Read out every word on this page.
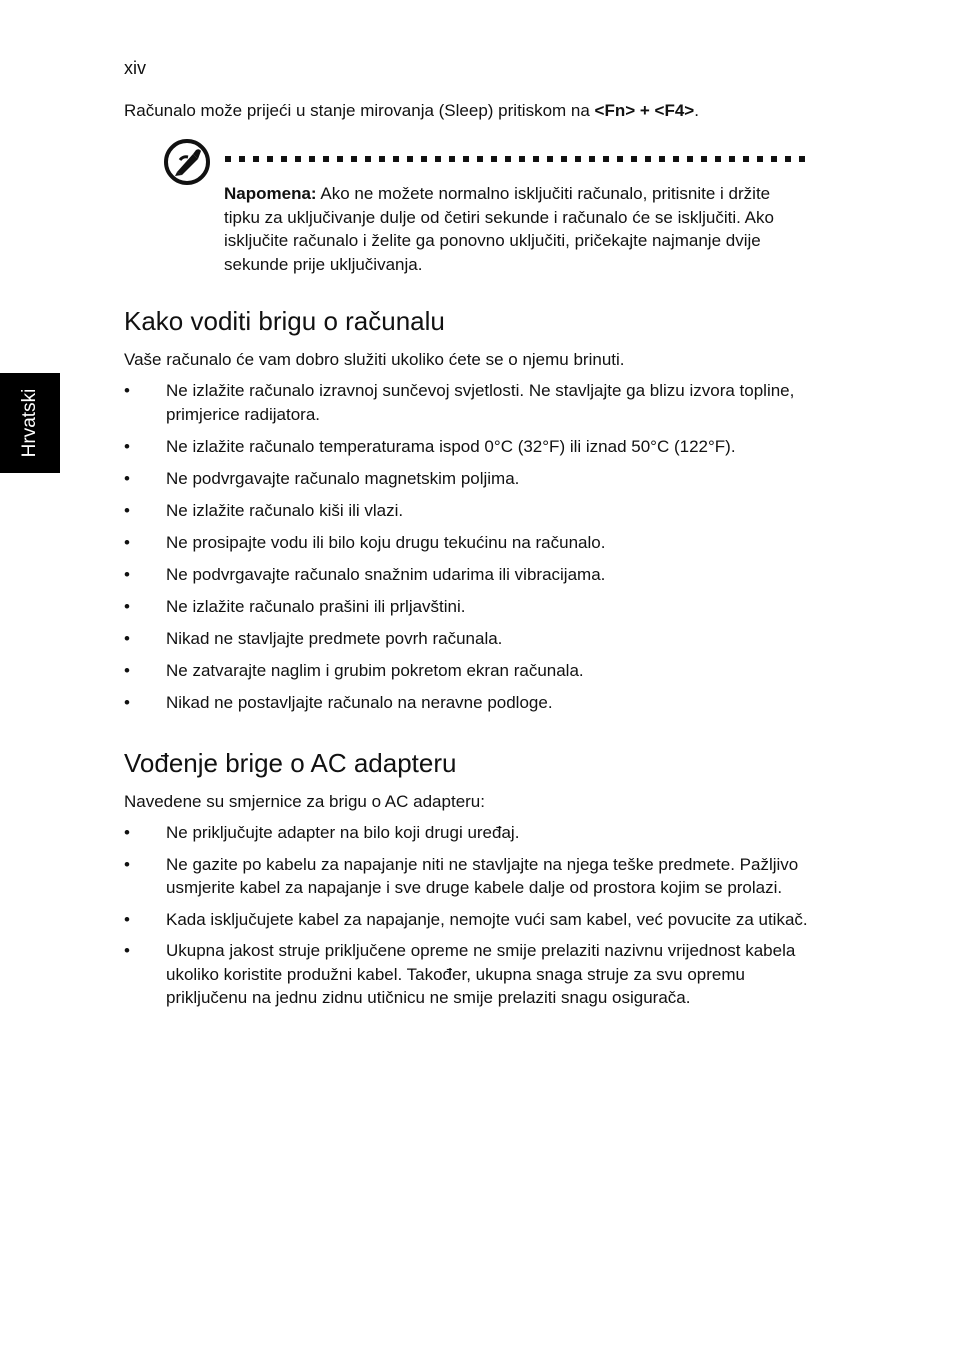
xiv
Hrvatski

Računalo može prijeći u stanje mirovanja (Sleep) pritiskom na <Fn> + <F4>.

Napomena: Ako ne možete normalno isključiti računalo, pritisnite i držite tipku za uključivanje dulje od četiri sekunde i računalo će se isključiti. Ako isključite računalo i želite ga ponovno uključiti, pričekajte najmanje dvije sekunde prije uključivanja.

Kako voditi brigu o računalu

Vaše računalo će vam dobro služiti ukoliko ćete se o njemu brinuti.

• Ne izlažite računalo izravnoj sunčevoj svjetlosti. Ne stavljajte ga blizu izvora topline, primjerice radijatora.
• Ne izlažite računalo temperaturama ispod 0°C (32°F) ili iznad 50°C (122°F).
• Ne podvrgavajte računalo magnetskim poljima.
• Ne izlažite računalo kiši ili vlazi.
• Ne prosipajte vodu ili bilo koju drugu tekućinu na računalo.
• Ne podvrgavajte računalo snažnim udarima ili vibracijama.
• Ne izlažite računalo prašini ili prljavštini.
• Nikad ne stavljajte predmete povrh računala.
• Ne zatvarajte naglim i grubim pokretom ekran računala.
• Nikad ne postavljajte računalo na neravne podloge.
Vođenje brige o AC adapteru

Navedene su smjernice za brigu o AC adapteru:

• Ne priključujte adapter na bilo koji drugi uređaj.
• Ne gazite po kabelu za napajanje niti ne stavljajte na njega teške predmete. Pažljivo usmjerite kabel za napajanje i sve druge kabele dalje od prostora kojim se prolazi.
• Kada isključujete kabel za napajanje, nemojte vući sam kabel, već povucite za utikač.
• Ukupna jakost struje priključene opreme ne smije prelaziti nazivnu vrijednost kabela ukoliko koristite produžni kabel. Također, ukupna snaga struje za svu opremu priključenu na jednu zidnu utičnicu ne smije prelaziti snagu osigurača.
